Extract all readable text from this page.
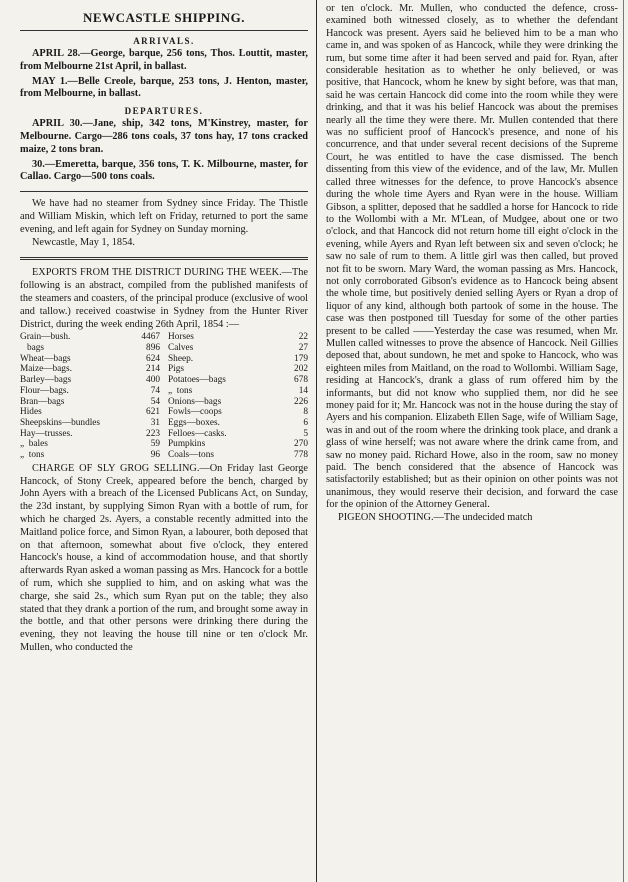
NEWCASTLE SHIPPING.
ARRIVALS.

APRIL 28.—George, barque, 256 tons, Thos. Louttit, master, from Melbourne 21st April, in ballast.

MAY 1.—Belle Creole, barque, 253 tons, J. Henton, master, from Melbourne, in ballast.

DEPARTURES.

APRIL 30.—Jane, ship, 342 tons, M'Kinstrey, master, for Melbourne. Cargo—286 tons coals, 37 tons hay, 17 tons cracked maize, 2 tons bran.

30.—Emeretta, barque, 356 tons, T. K. Milbourne, master, for Callao. Cargo—500 tons coals.

We have had no steamer from Sydney since Friday. The Thistle and William Miskin, which left on Friday, returned to port the same evening, and left again for Sydney on Sunday morning.

Newcastle, May 1, 1854.

EXPORTS FROM THE DISTRICT DURING THE WEEK.—The following is an abstract, compiled from the published manifests of the steamers and coasters, of the principal produce (exclusive of wool and tallow.) received coastwise in Sydney from the Hunter River District, during the week ending 26th April, 1854 :—

Grain—bush.	4467
bags	896
Wheat—bags	624
Maize—bags.	214
Barley—bags	400
Flour—bags.	74
Bran—bags	54
Hides	621
Sheepskins—bundles	31
Hay—trusses.	223
„  bales	59
„  tons	96
Horses	22
Calves	27
Sheep.	179
Pigs	202
Potatoes—bags	678
„  tons	14
Onions—bags	226
Fowls—coops	8
Eggs—boxes.	6
Felloes—casks.	5
Pumpkins	270
Coals—tons	778

CHARGE OF SLY GROG SELLING.—On Friday last George Hancock, of Stony Creek, appeared before the bench, charged by John Ayers with a breach of the Licensed Publicans Act, on Sunday, the 23d instant, by supplying Simon Ryan with a bottle of rum, for which he charged 2s. Ayers, a constable recently admitted into the Maitland police force, and Simon Ryan, a labourer, both deposed that on that afternoon, somewhat about five o'clock, they entered Hancock's house, a kind of accommodation house, and that shortly afterwards Ryan asked a woman passing as Mrs. Hancock for a bottle of rum, which she supplied to him, and on asking what was the charge, she said 2s., which sum Ryan put on the table; they also stated that they drank a portion of the rum, and brought some away in the bottle, and that other persons were drinking there during the evening, they not leaving the house till nine or ten o'clock Mr. Mullen, who conducted the

or ten o'clock. Mr. Mullen, who conducted the defence, cross-examined both witnessed closely, as to whether the defendant Hancock was present. Ayers said he believed him to be a man who came in, and was spoken of as Hancock, while they were drinking the rum, but some time after it had been served and paid for. Ryan, after considerable hesitation as to whether he only believed, or was positive, that Hancock, whom he knew by sight before, was that man, said he was certain Hancock did come into the room while they were drinking, and that it was his belief Hancock was about the premises nearly all the time they were there. Mr. Mullen contended that there was no sufficient proof of Hancock's presence, and none of his concurrence, and that under several recent decisions of the Supreme Court, he was entitled to have the case dismissed. The bench dissenting from this view of the evidence, and of the law, Mr. Mullen called three witnesses for the defence, to prove Hancock's absence during the whole time Ayers and Ryan were in the house. William Gibson, a splitter, deposed that he saddled a horse for Hancock to ride to the Wollombi with a Mr. M'Lean, of Mudgee, about one or two o'clock, and that Hancock did not return home till eight o'clock in the evening, while Ayers and Ryan left between six and seven o'clock; he saw no sale of rum to them. A little girl was then called, but proved not fit to be sworn. Mary Ward, the woman passing as Mrs. Hancock, not only corroborated Gibson's evidence as to Hancock being absent the whole time, but positively denied selling Ayers or Ryan a drop of liquor of any kind, although both partook of some in the house. The case was then postponed till Tuesday for some of the other parties present to be called ——Yesterday the case was resumed, when Mr. Mullen called witnesses to prove the absence of Hancock. Neil Gillies deposed that, about sundown, he met and spoke to Hancock, who was eighteen miles from Maitland, on the road to Wollombi. William Sage, residing at Hancock's, drank a glass of rum offered him by the informants, but did not know who supplied them, nor did he see money paid for it; Mr. Hancock was not in the house during the stay of Ayers and his companion. Elizabeth Ellen Sage, wife of William Sage, was in and out of the room where the drinking took place, and drank a glass of wine herself; was not aware where the drink came from, and saw no money paid. Richard Howe, also in the room, saw no money paid. The bench considered that the absence of Hancock was satisfactorily established; but as their opinion on other points was not unanimous, they would reserve their decision, and forward the case for the opinion of the Attorney General.

PIGEON SHOOTING.—The undecided match
